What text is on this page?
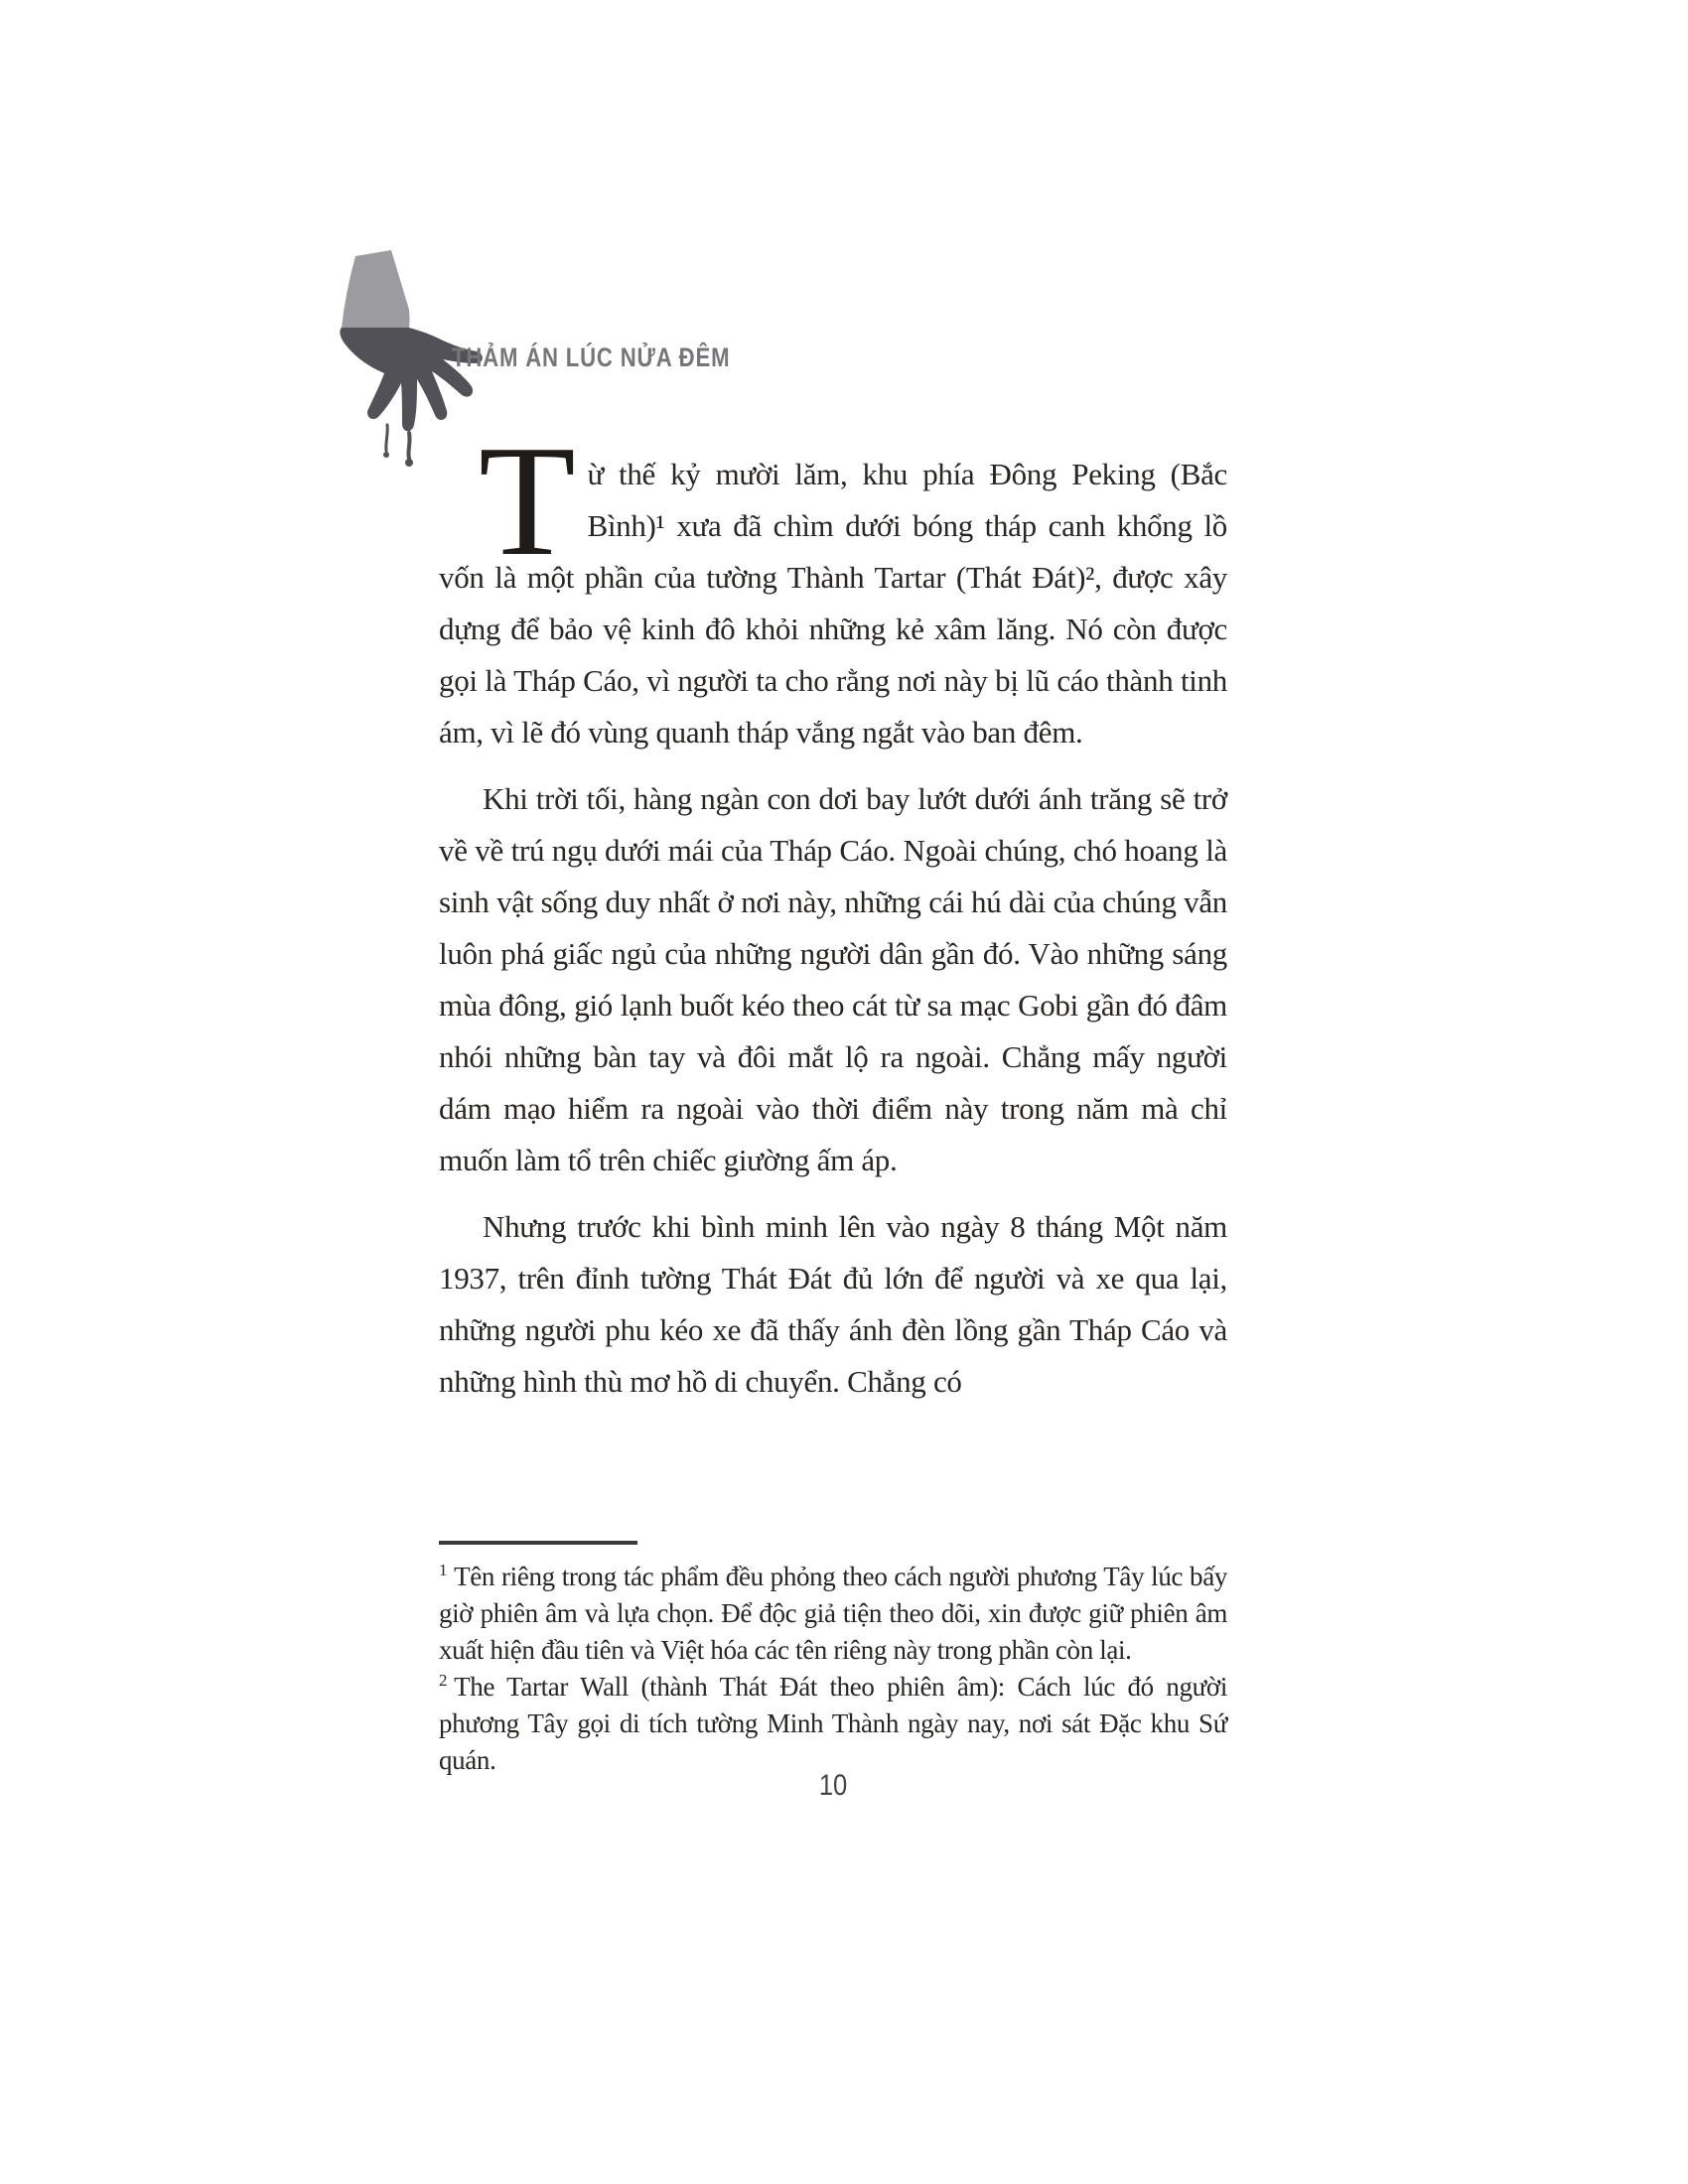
THẢM ÁN LÚC NỬA ĐÊM

Từ thế kỷ mười lăm, khu phía Đông Peking (Bắc Bình)¹ xưa đã chìm dưới bóng tháp canh khổng lồ vốn là một phần của tường Thành Tartar (Thát Đát)², được xây dựng để bảo vệ kinh đô khỏi những kẻ xâm lăng. Nó còn được gọi là Tháp Cáo, vì người ta cho rằng nơi này bị lũ cáo thành tinh ám, vì lẽ đó vùng quanh tháp vắng ngắt vào ban đêm.

Khi trời tối, hàng ngàn con dơi bay lướt dưới ánh trăng sẽ trở về về trú ngụ dưới mái của Tháp Cáo. Ngoài chúng, chó hoang là sinh vật sống duy nhất ở nơi này, những cái hú dài của chúng vẫn luôn phá giấc ngủ của những người dân gần đó. Vào những sáng mùa đông, gió lạnh buốt kéo theo cát từ sa mạc Gobi gần đó đâm nhói những bàn tay và đôi mắt lộ ra ngoài. Chẳng mấy người dám mạo hiểm ra ngoài vào thời điểm này trong năm mà chỉ muốn làm tổ trên chiếc giường ấm áp.

Nhưng trước khi bình minh lên vào ngày 8 tháng Một năm 1937, trên đỉnh tường Thát Đát đủ lớn để người và xe qua lại, những người phu kéo xe đã thấy ánh đèn lồng gần Tháp Cáo và những hình thù mơ hồ di chuyển. Chẳng có

$^1$ Tên riêng trong tác phẩm đều phỏng theo cách người phương Tây lúc bấy giờ phiên âm và lựa chọn. Để độc giả tiện theo dõi, xin được giữ phiên âm xuất hiện đầu tiên và Việt hóa các tên riêng này trong phần còn lại.

$^2$ The Tartar Wall (thành Thát Đát theo phiên âm): Cách lúc đó người phương Tây gọi di tích tường Minh Thành ngày nay, nơi sát Đặc khu Sứ quán.

10
